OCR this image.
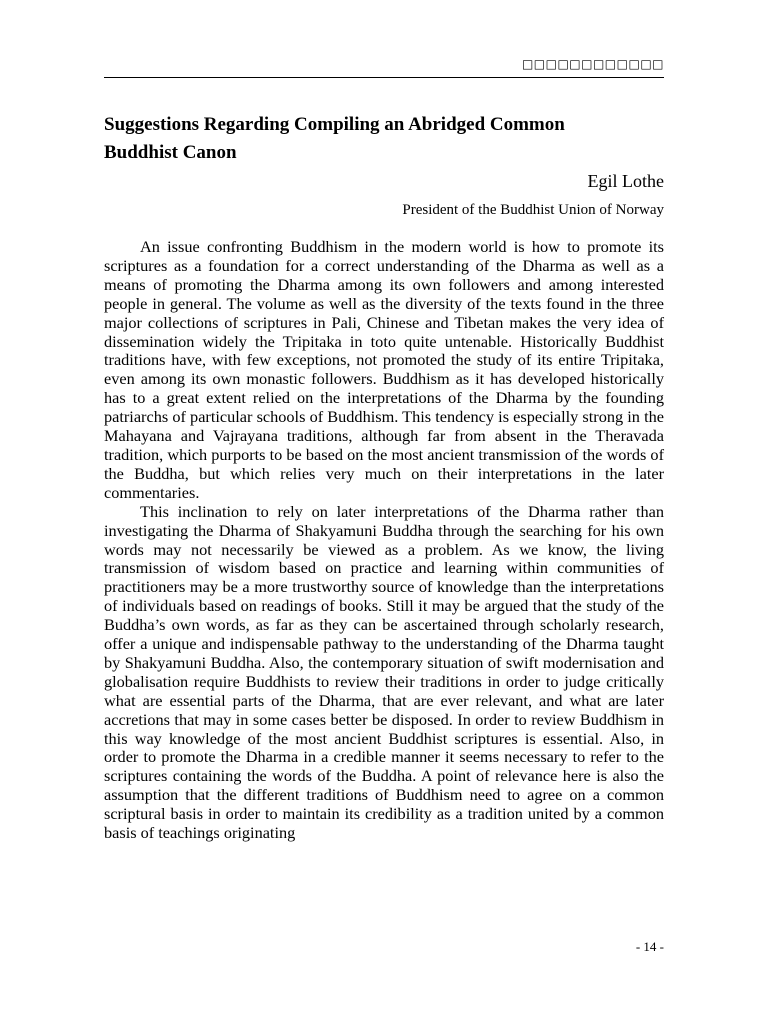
□□□□□□□□□□□□
Suggestions Regarding Compiling an Abridged Common Buddhist Canon
Egil Lothe
President of the Buddhist Union of Norway

An issue confronting Buddhism in the modern world is how to promote its scriptures as a foundation for a correct understanding of the Dharma as well as a means of promoting the Dharma among its own followers and among interested people in general. The volume as well as the diversity of the texts found in the three major collections of scriptures in Pali, Chinese and Tibetan makes the very idea of dissemination widely the Tripitaka in toto quite untenable. Historically Buddhist traditions have, with few exceptions, not promoted the study of its entire Tripitaka, even among its own monastic followers. Buddhism as it has developed historically has to a great extent relied on the interpretations of the Dharma by the founding patriarchs of particular schools of Buddhism. This tendency is especially strong in the Mahayana and Vajrayana traditions, although far from absent in the Theravada tradition, which purports to be based on the most ancient transmission of the words of the Buddha, but which relies very much on their interpretations in the later commentaries.

This inclination to rely on later interpretations of the Dharma rather than investigating the Dharma of Shakyamuni Buddha through the searching for his own words may not necessarily be viewed as a problem. As we know, the living transmission of wisdom based on practice and learning within communities of practitioners may be a more trustworthy source of knowledge than the interpretations of individuals based on readings of books. Still it may be argued that the study of the Buddha’s own words, as far as they can be ascertained through scholarly research, offer a unique and indispensable pathway to the understanding of the Dharma taught by Shakyamuni Buddha. Also, the contemporary situation of swift modernisation and globalisation require Buddhists to review their traditions in order to judge critically what are essential parts of the Dharma, that are ever relevant, and what are later accretions that may in some cases better be disposed. In order to review Buddhism in this way knowledge of the most ancient Buddhist scriptures is essential. Also, in order to promote the Dharma in a credible manner it seems necessary to refer to the scriptures containing the words of the Buddha. A point of relevance here is also the assumption that the different traditions of Buddhism need to agree on a common scriptural basis in order to maintain its credibility as a tradition united by a common basis of teachings originating

- 14 -
